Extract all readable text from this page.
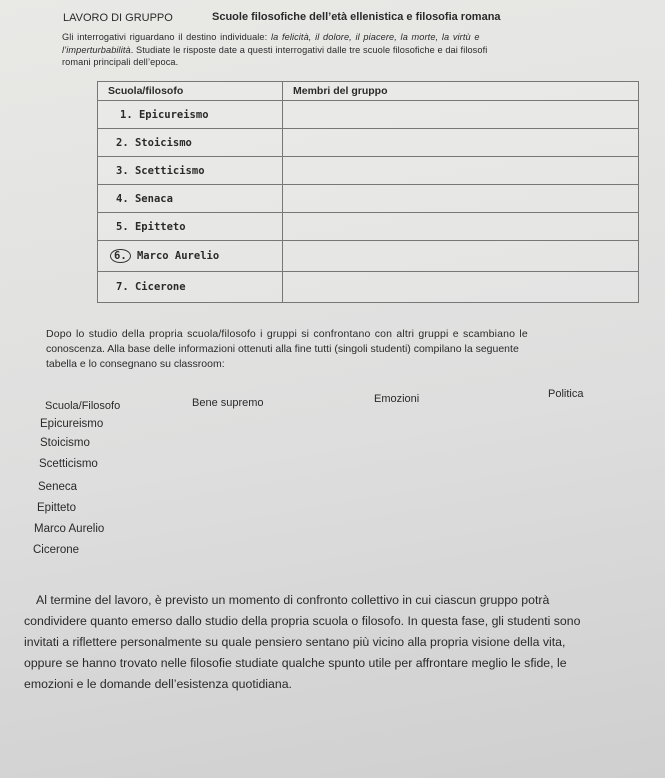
LAVORO DI GRUPPO	Scuole filosofiche dell’età ellenistica e filosofia romana
Gli interrogativi riguardano il destino individuale: la felicità, il dolore, il piacere, la morte, la virtù e
l’imperturbabilità. Studiate le risposte date a questi interrogativi dalle tre scuole filosofiche e dai filosofi
romani principali dell’epoca.
Scuola/filosofo	Membri del gruppo
1. Epicureismo	
2. Stoicismo	
3. Scetticismo	
4. Senaca	
5. Epitteto	
6. Marco Aurelio	
7. Cicerone	
Dopo lo studio della propria scuola/filosofo i gruppi si confrontano con altri gruppi e scambiano le
conoscenza. Alla base delle informazioni ottenuti alla fine tutti (singoli studenti) compilano la seguente
tabella e lo consegnano su classroom:
Scuola/Filosofo	Bene supremo	Emozioni	Politica
Epicureismo
Stoicismo
Scetticismo
Seneca
Epitteto
Marco Aurelio
Cicerone
Al termine del lavoro, è previsto un momento di confronto collettivo in cui ciascun gruppo potrà
condividere quanto emerso dallo studio della propria scuola o filosofo. In questa fase, gli studenti sono
invitati a riflettere personalmente su quale pensiero sentano più vicino alla propria visione della vita,
oppure se hanno trovato nelle filosofie studiate qualche spunto utile per affrontare meglio le sfide, le
emozioni e le domande dell’esistenza quotidiana.
